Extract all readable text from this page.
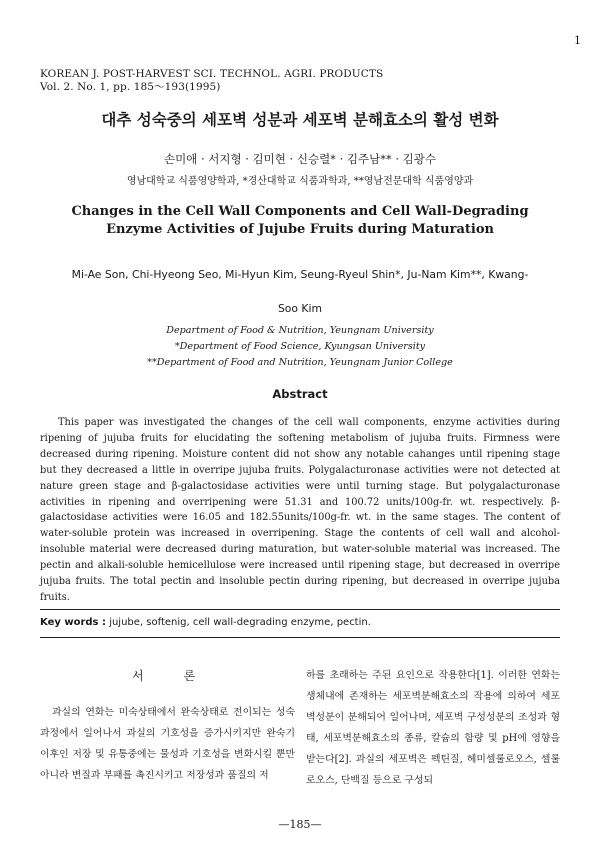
1
KOREAN J. POST-HARVEST SCI. TECHNOL. AGRI. PRODUCTS
Vol. 2. No. 1, pp. 185～193(1995)
대추 성숙중의 세포벽 성분과 세포벽 분해효소의 활성 변화
손미애 · 서지형 · 김미현 · 신승렬* · 김주남** · 김광수
영남대학교 식품영양학과, *경산대학교 식품과학과, **영남전문대학 식품영양과
Changes in the Cell Wall Components and Cell Wall-Degrading
Enzyme Activities of Jujube Fruits during Maturation
Mi-Ae Son, Chi-Hyeong Seo, Mi-Hyun Kim, Seung-Ryeul Shin*, Ju-Nam Kim**, Kwang-
Soo Kim
Department of Food & Nutrition, Yeungnam University
*Department of Food Science, Kyungsan University
**Department of Food and Nutrition, Yeungnam Junior College
Abstract
This paper was investigated the changes of the cell wall components, enzyme activities during ripening of jujuba fruits for elucidating the softening metabolism of jujuba fruits. Firmness were decreased during ripening. Moisture content did not show any notable cahanges until ripening stage but they decreased a little in overripe jujuba fruits. Polygalacturonase activities were not detected at nature green stage and β-galactosidase activities were until turning stage. But polygalacturonase activities in ripening and overripening were 51.31 and 100.72 units/100g-fr. wt. respectively. β-galactosidase activities were 16.05 and 182.55units/100g-fr. wt. in the same stages. The content of water-soluble protein was increased in overripening. Stage the contents of cell wall and alcohol-insoluble material were decreased during maturation, but water-soluble material was increased. The pectin and alkali-soluble hemicellulose were increased until ripening stage, but decreased in overripe jujuba fruits. The total pectin and insoluble pectin during ripening, but decreased in overripe jujuba fruits.
Key words : jujube, softenig, cell wall-degrading enzyme, pectin.
서론
과실의 연화는 미숙상태에서 완숙상태로 전이되는 성숙과정에서 일어나서 과실의 기호성을 증가시키지만 완숙기 이후인 저장 및 유통중에는 물성과 기호성을 변화시킬 뿐만 아니라 변질과 부패를 촉진시키고 저장성과 품질의 저
하를 초래하는 주된 요인으로 작용한다[1]. 이러한 연화는 생체내에 존재하는 세포벽분해효소의 작용에 의하여 세포벽성분이 분해되어 일어나며, 세포벽 구성성분의 조성과 형태, 세포벽분해효소의 종류, 칼슘의 함량 및 pH에 영향을 받는다[2]. 과실의 세포벽은 펙틴질, 헤미셀룰로오스, 셀룰로오스, 단백질 등으로 구성되
—185—
